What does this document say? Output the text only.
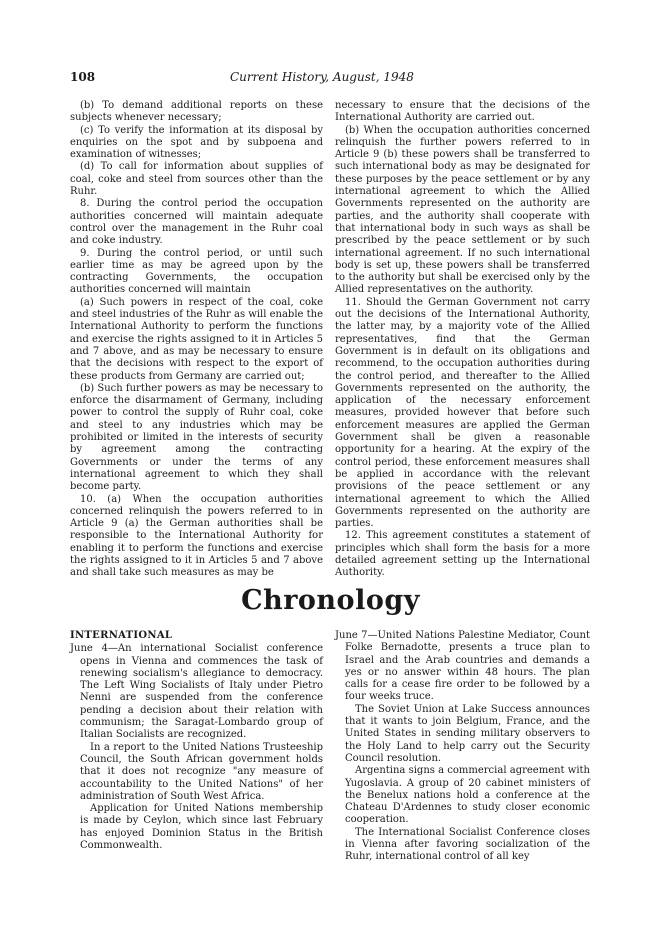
108	Current History, August, 1948

(b) To demand additional reports on these subjects whenever necessary;

(c) To verify the information at its disposal by enquiries on the spot and by subpoena and examination of witnesses;

(d) To call for information about supplies of coal, coke and steel from sources other than the Ruhr.

8. During the control period the occupation authorities concerned will maintain adequate control over the management in the Ruhr coal and coke industry.

9. During the control period, or until such earlier time as may be agreed upon by the contracting Governments, the occupation authorities concerned will maintain

(a) Such powers in respect of the coal, coke and steel industries of the Ruhr as will enable the International Authority to perform the functions and exercise the rights assigned to it in Articles 5 and 7 above, and as may be necessary to ensure that the decisions with respect to the export of these products from Germany are carried out;

(b) Such further powers as may be necessary to enforce the disarmament of Germany, including power to control the supply of Ruhr coal, coke and steel to any industries which may be prohibited or limited in the interests of security by agreement among the contracting Governments or under the terms of any international agreement to which they shall become party.

10. (a) When the occupation authorities concerned relinquish the powers referred to in Article 9 (a) the German authorities shall be responsible to the International Authority for enabling it to perform the functions and exercise the rights assigned to it in Articles 5 and 7 above and shall take such measures as may be

necessary to ensure that the decisions of the International Authority are carried out.

(b) When the occupation authorities concerned relinquish the further powers referred to in Article 9 (b) these powers shall be transferred to such international body as may be designated for these purposes by the peace settlement or by any international agreement to which the Allied Governments represented on the authority are parties, and the authority shall cooperate with that international body in such ways as shall be prescribed by the peace settlement or by such international agreement. If no such international body is set up, these powers shall be transferred to the authority but shall be exercised only by the Allied representatives on the authority.

11. Should the German Government not carry out the decisions of the International Authority, the latter may, by a majority vote of the Allied representatives, find that the German Government is in default on its obligations and recommend, to the occupation authorities during the control period, and thereafter to the Allied Governments represented on the authority, the application of the necessary enforcement measures, provided however that before such enforcement measures are applied the German Government shall be given a reasonable opportunity for a hearing. At the expiry of the control period, these enforcement measures shall be applied in accordance with the relevant provisions of the peace settlement or any international agreement to which the Allied Governments represented on the authority are parties.

12. This agreement constitutes a statement of principles which shall form the basis for a more detailed agreement setting up the International Authority.

Chronology
INTERNATIONAL

June 4—An international Socialist conference opens in Vienna and commences the task of renewing socialism's allegiance to democracy. The Left Wing Socialists of Italy under Pietro Nenni are suspended from the conference pending a decision about their relation with communism; the Saragat-Lombardo group of Italian Socialists are recognized.

In a report to the United Nations Trusteeship Council, the South African government holds that it does not recognize "any measure of accountability to the United Nations" of her administration of South West Africa.

Application for United Nations membership is made by Ceylon, which since last February has enjoyed Dominion Status in the British Commonwealth.

June 7—United Nations Palestine Mediator, Count Folke Bernadotte, presents a truce plan to Israel and the Arab countries and demands a yes or no answer within 48 hours. The plan calls for a cease fire order to be followed by a four weeks truce.

The Soviet Union at Lake Success announces that it wants to join Belgium, France, and the United States in sending military observers to the Holy Land to help carry out the Security Council resolution.

Argentina signs a commercial agreement with Yugoslavia. A group of 20 cabinet ministers of the Benelux nations hold a conference at the Chateau D'Ardennes to study closer economic cooperation.

The International Socialist Conference closes in Vienna after favoring socialization of the Ruhr, international control of all key
